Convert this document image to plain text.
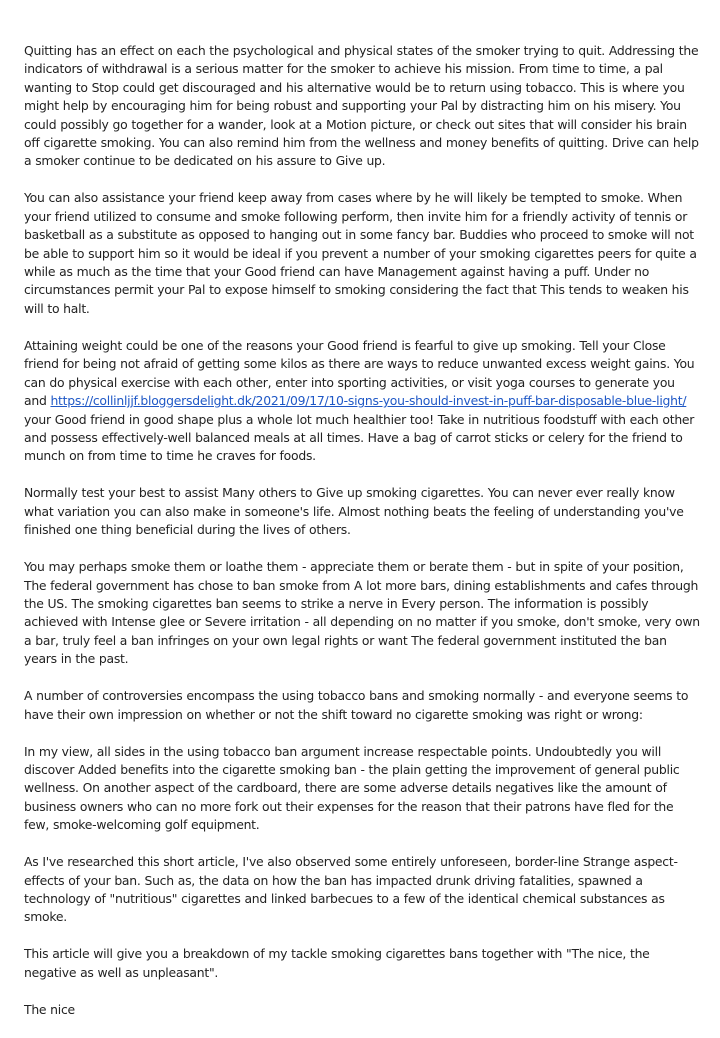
Quitting has an effect on each the psychological and physical states of the smoker trying to quit. Addressing the indicators of withdrawal is a serious matter for the smoker to achieve his mission. From time to time, a pal wanting to Stop could get discouraged and his alternative would be to return using tobacco. This is where you might help by encouraging him for being robust and supporting your Pal by distracting him on his misery. You could possibly go together for a wander, look at a Motion picture, or check out sites that will consider his brain off cigarette smoking. You can also remind him from the wellness and money benefits of quitting. Drive can help a smoker continue to be dedicated on his assure to Give up.

You can also assistance your friend keep away from cases where by he will likely be tempted to smoke. When your friend utilized to consume and smoke following perform, then invite him for a friendly activity of tennis or basketball as a substitute as opposed to hanging out in some fancy bar. Buddies who proceed to smoke will not be able to support him so it would be ideal if you prevent a number of your smoking cigarettes peers for quite a while as much as the time that your Good friend can have Management against having a puff. Under no circumstances permit your Pal to expose himself to smoking considering the fact that This tends to weaken his will to halt.

Attaining weight could be one of the reasons your Good friend is fearful to give up smoking. Tell your Close friend for being not afraid of getting some kilos as there are ways to reduce unwanted excess weight gains. You can do physical exercise with each other, enter into sporting activities, or visit yoga courses to generate you and https://collinljjf.bloggersdelight.dk/2021/09/17/10-signs-you-should-invest-in-puff-bar-disposable-blue-light/ your Good friend in good shape plus a whole lot much healthier too! Take in nutritious foodstuff with each other and possess effectively-well balanced meals at all times. Have a bag of carrot sticks or celery for the friend to munch on from time to time he craves for foods.

Normally test your best to assist Many others to Give up smoking cigarettes. You can never ever really know what variation you can also make in someone's life. Almost nothing beats the feeling of understanding you've finished one thing beneficial during the lives of others.

You may perhaps smoke them or loathe them - appreciate them or berate them - but in spite of your position, The federal government has chose to ban smoke from A lot more bars, dining establishments and cafes through the US. The smoking cigarettes ban seems to strike a nerve in Every person. The information is possibly achieved with Intense glee or Severe irritation - all depending on no matter if you smoke, don't smoke, very own a bar, truly feel a ban infringes on your own legal rights or want The federal government instituted the ban years in the past.

A number of controversies encompass the using tobacco bans and smoking normally - and everyone seems to have their own impression on whether or not the shift toward no cigarette smoking was right or wrong:

In my view, all sides in the using tobacco ban argument increase respectable points. Undoubtedly you will discover Added benefits into the cigarette smoking ban - the plain getting the improvement of general public wellness. On another aspect of the cardboard, there are some adverse details negatives like the amount of business owners who can no more fork out their expenses for the reason that their patrons have fled for the few, smoke-welcoming golf equipment.

As I've researched this short article, I've also observed some entirely unforeseen, border-line Strange aspect-effects of your ban. Such as, the data on how the ban has impacted drunk driving fatalities, spawned a technology of "nutritious" cigarettes and linked barbecues to a few of the identical chemical substances as smoke.

This article will give you a breakdown of my tackle smoking cigarettes bans together with "The nice, the negative as well as unpleasant".

The nice
